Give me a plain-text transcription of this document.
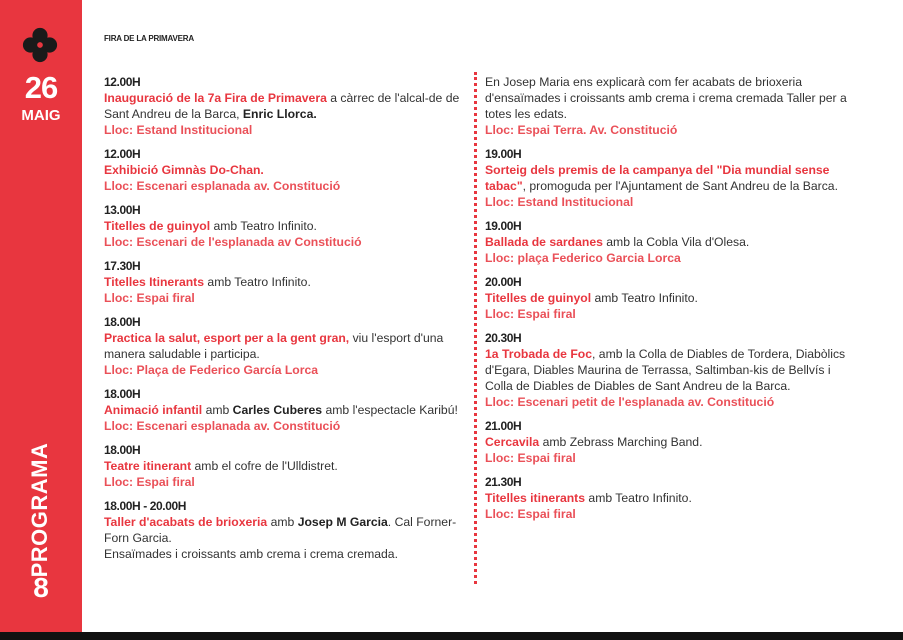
26
MAIG
PROGRAMA
8
FIRA DE LA PRIMAVERA
12.00H
Inauguració de la 7a Fira de Primavera a càrrec de l'alcal-de de Sant Andreu de la Barca, Enric Llorca.
Lloc: Estand Institucional
12.00H
Exhibició Gimnàs Do-Chan.
Lloc: Escenari esplanada av. Constitució
13.00H
Titelles de guinyol amb Teatro Infinito.
Lloc: Escenari de l'esplanada av Constitució
17.30H
Titelles Itinerants amb Teatro Infinito.
Lloc: Espai firal
18.00H
Practica la salut, esport per a la gent gran, viu l'esport d'una manera saludable i participa.
Lloc: Plaça de Federico García Lorca
18.00H
Animació infantil amb Carles Cuberes amb l'espectacle Karibú!
Lloc: Escenari esplanada av. Constitució
18.00H
Teatre itinerant amb el cofre de l'Ulldistret.
Lloc: Espai firal
18.00H - 20.00H
Taller d'acabats de brioxeria amb Josep M Garcia. Cal Forner-Forn Garcia.
Ensaïmades i croissants amb crema i crema cremada.
En Josep Maria ens explicarà com fer acabats de brioxeria d'ensaïmades i croissants amb crema i crema cremada Taller per a totes les edats.
Lloc: Espai Terra. Av. Constitució
19.00H
Sorteig dels premis de la campanya del "Dia mundial sense tabac", promoguda per l'Ajuntament de Sant Andreu de la Barca.
Lloc: Estand Institucional
19.00H
Ballada de sardanes amb la Cobla Vila d'Olesa.
Lloc: plaça Federico Garcia Lorca
20.00H
Titelles de guinyol amb Teatro Infinito.
Lloc: Espai firal
20.30H
1a Trobada de Foc, amb la Colla de Diables de Tordera, Diabòlics d'Egara, Diables Maurina de Terrassa, Saltimban-kis de Bellvís i Colla de Diables de Diables de Sant Andreu de la Barca.
Lloc: Escenari petit de l'esplanada av. Constitució
21.00H
Cercavila amb Zebrass Marching Band.
Lloc: Espai firal
21.30H
Titelles itinerants amb Teatro Infinito.
Lloc: Espai firal
